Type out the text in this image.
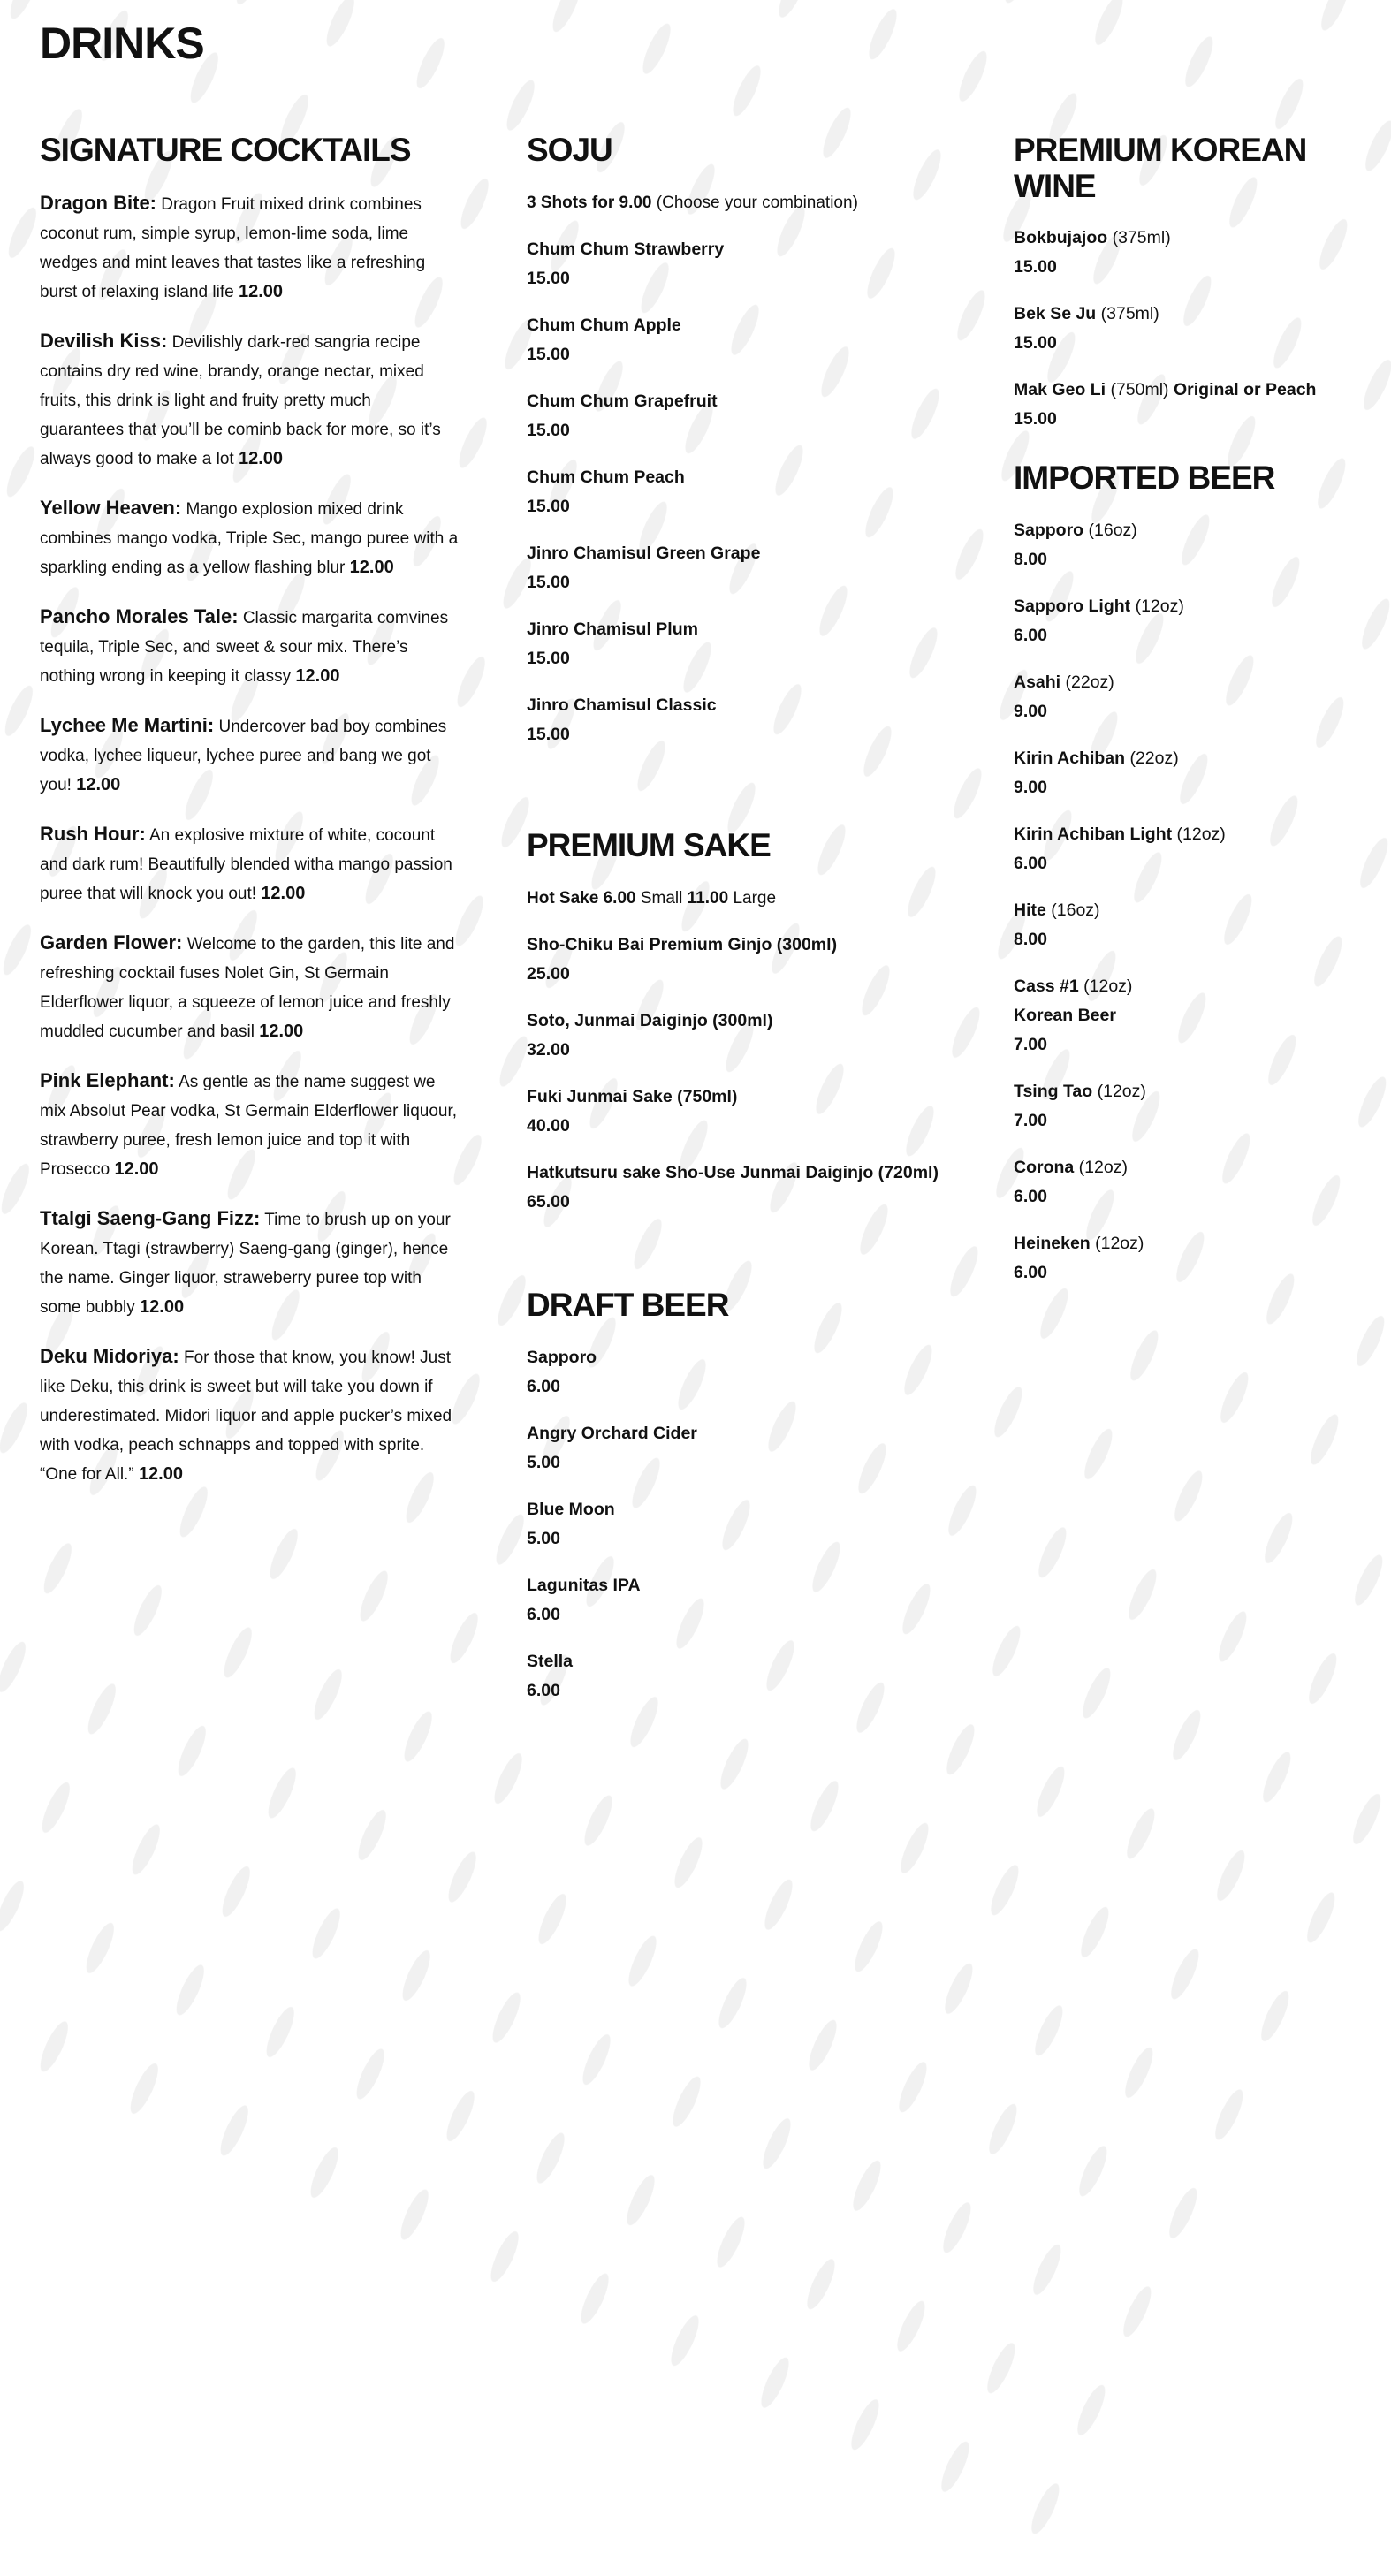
DRINKS
SIGNATURE COCKTAILS
Dragon Bite: Dragon Fruit mixed drink combines coconut rum, simple syrup, lemon-lime soda, lime wedges and mint leaves that tastes like a refreshing burst of relaxing island life 12.00
Devilish Kiss: Devilishly dark-red sangria recipe contains dry red wine, brandy, orange nectar, mixed fruits, this drink is light and fruity pretty much guarantees that you’ll be cominb back for more, so it’s always good to make a lot 12.00
Yellow Heaven: Mango explosion mixed drink combines mango vodka, Triple Sec, mango puree with a sparkling ending as a yellow flashing blur 12.00
Pancho Morales Tale: Classic margarita comvines tequila, Triple Sec, and sweet & sour mix. There’s nothing wrong in keeping it classy 12.00
Lychee Me Martini: Undercover bad boy combines vodka, lychee liqueur, lychee puree and bang we got you! 12.00
Rush Hour: An explosive mixture of white, cocount and dark rum! Beautifully blended witha mango passion puree that will knock you out! 12.00
Garden Flower: Welcome to the garden, this lite and refreshing cocktail fuses Nolet Gin, St Germain Elderflower liquor, a squeeze of lemon juice and freshly muddled cucumber and basil 12.00
Pink Elephant: As gentle as the name suggest we mix Absolut Pear vodka, St Germain Elderflower liquour, strawberry puree, fresh lemon juice and top it with Prosecco 12.00
Ttalgi Saeng-Gang Fizz: Time to brush up on your Korean. Ttagi (strawberry) Saeng-gang (ginger), hence the name. Ginger liquor, straweberry puree top with some bubbly 12.00
Deku Midoriya: For those that know, you know! Just like Deku, this drink is sweet but will take you down if underestimated. Midori liquor and apple pucker’s mixed with vodka, peach schnapps and topped with sprite. “One for All.” 12.00
SOJU
3 Shots for 9.00 (Choose your combination)
Chum Chum Strawberry
15.00
Chum Chum Apple
15.00
Chum Chum Grapefruit
15.00
Chum Chum Peach
15.00
Jinro Chamisul Green Grape
15.00
Jinro Chamisul Plum
15.00
Jinro Chamisul Classic
15.00
PREMIUM SAKE
Hot Sake 6.00 Small 11.00 Large
Sho-Chiku Bai Premium Ginjo (300ml)
25.00
Soto, Junmai Daiginjo (300ml)
32.00
Fuki Junmai Sake (750ml)
40.00
Hatkutsuru sake Sho-Use Junmai Daiginjo (720ml) 65.00
DRAFT BEER
Sapporo
6.00
Angry Orchard Cider
5.00
Blue Moon
5.00
Lagunitas IPA
6.00
Stella
6.00
PREMIUM KOREAN WINE
Bokbujajoo (375ml)
15.00
Bek Se Ju (375ml)
15.00
Mak Geo Li (750ml) Original or Peach
15.00
IMPORTED BEER
Sapporo (16oz)
8.00
Sapporo Light (12oz)
6.00
Asahi (22oz)
9.00
Kirin Achiban (22oz)
9.00
Kirin Achiban Light (12oz)
6.00
Hite (16oz)
8.00
Cass #1 (12oz)
Korean Beer
7.00
Tsing Tao (12oz)
7.00
Corona (12oz)
6.00
Heineken (12oz)
6.00
